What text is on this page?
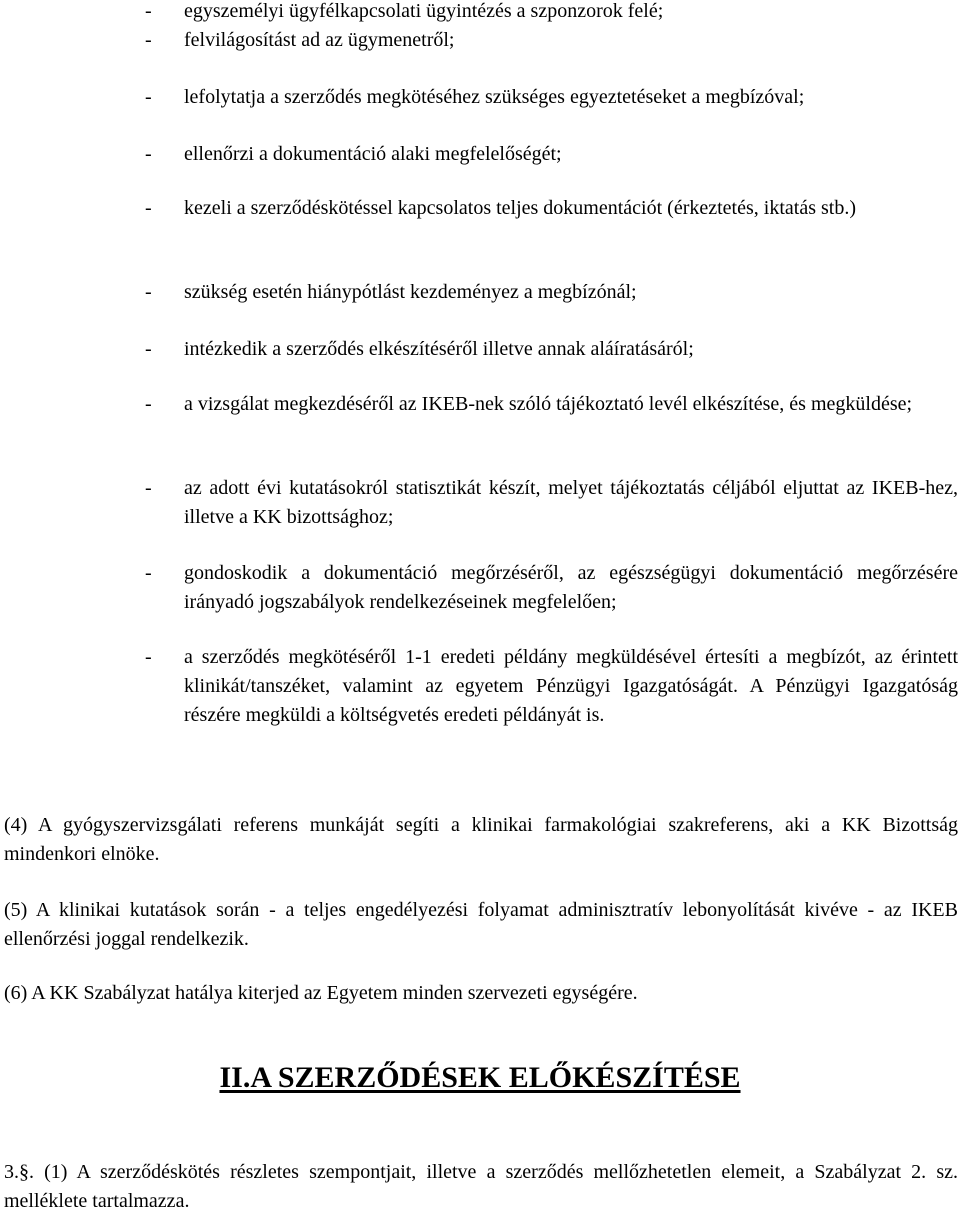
- egyszemélyi ügyfélkapcsolati ügyintézés a szponzorok felé;
- felvilágosítást ad az ügymenetről;
- lefolytatja a szerződés megkötéséhez szükséges egyeztetéseket a megbízóval;
- ellenőrzi a dokumentáció alaki megfelelőségét;
- kezeli a szerződéskötéssel kapcsolatos teljes dokumentációt (érkeztetés, iktatás stb.)
- szükség esetén hiánypótlást kezdeményez a megbízónál;
- intézkedik a szerződés elkészítéséről illetve annak aláíratásáról;
- a vizsgálat megkezdéséről az IKEB-nek szóló tájékoztató levél elkészítése, és megküldése;
- az adott évi kutatásokról statisztikát készít, melyet tájékoztatás céljából eljuttat az IKEB-hez, illetve a KK bizottsághoz;
- gondoskodik a dokumentáció megőrzéséről, az egészségügyi dokumentáció megőrzésére irányadó jogszabályok rendelkezéseinek megfelelően;
- a szerződés megkötéséről 1-1 eredeti példány megküldésével értesíti a megbízót, az érintett klinikát/tanszéket, valamint az egyetem Pénzügyi Igazgatóságát. A Pénzügyi Igazgatóság részére megküldi a költségvetés eredeti példányát is.

(4) A gyógyszervizsgálati referens munkáját segíti a klinikai farmakológiai szakreferens, aki a KK Bizottság mindenkori elnöke.

(5) A klinikai kutatások során - a teljes engedélyezési folyamat adminisztratív lebonyolítását kivéve - az IKEB ellenőrzési joggal rendelkezik.

(6) A KK Szabályzat hatálya kiterjed az Egyetem minden szervezeti egységére.

II.A SZERZŐDÉSEK ELŐKÉSZÍTÉSE

3.§. (1) A szerződéskötés részletes szempontjait, illetve a szerződés mellőzhetetlen elemeit, a Szabályzat 2. sz. melléklete tartalmazza.
